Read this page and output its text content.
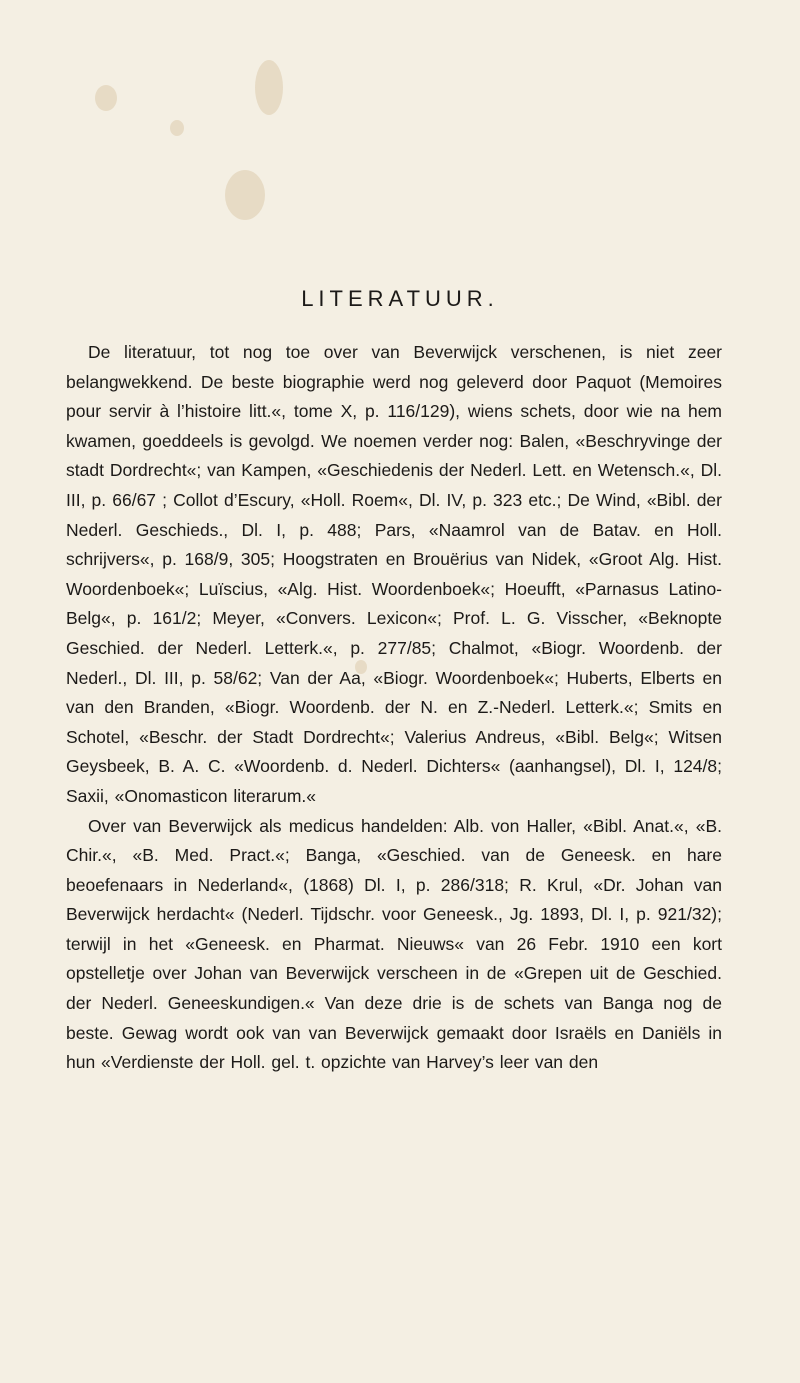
LITERATUUR.

De literatuur, tot nog toe over van Beverwijck verschenen, is niet zeer belangwekkend. De beste biographie werd nog geleverd door Paquot (Memoires pour servir à l’histoire litt.«, tome X, p. 116/129), wiens schets, door wie na hem kwamen, goeddeels is gevolgd. We noemen verder nog: Balen, «Beschryvinge der stadt Dordrecht«; van Kampen, «Geschiedenis der Nederl. Lett. en Wetensch.«, Dl. III, p. 66/67 ; Collot d’Escury, «Holl. Roem«, Dl. IV, p. 323 etc.; De Wind, «Bibl. der Nederl. Geschieds., Dl. I, p. 488; Pars, «Naamrol van de Batav. en Holl. schrijvers«, p. 168/9, 305; Hoogstraten en Brouërius van Nidek, «Groot Alg. Hist. Woordenboek«; Luïscius, «Alg. Hist. Woordenboek«; Hoeufft, «Parnasus Latino-Belg«, p. 161/2; Meyer, «Convers. Lexicon«; Prof. L. G. Visscher, «Beknopte Geschied. der Nederl. Letterk.«, p. 277/85; Chalmot, «Biogr. Woordenb. der Nederl., Dl. III, p. 58/62; Van der Aa, «Biogr. Woordenboek«; Huberts, Elberts en van den Branden, «Biogr. Woordenb. der N. en Z.-Nederl. Letterk.«; Smits en Schotel, «Beschr. der Stadt Dordrecht«; Valerius Andreus, «Bibl. Belg«; Witsen Geysbeek, B. A. C. «Woordenb. d. Nederl. Dichters« (aanhangsel), Dl. I, 124/8; Saxii, «Onomasticon literarum.«

Over van Beverwijck als medicus handelden: Alb. von Haller, «Bibl. Anat.«, «B. Chir.«, «B. Med. Pract.«; Banga, «Geschied. van de Geneesk. en hare beoefenaars in Nederland«, (1868) Dl. I, p. 286/318; R. Krul, «Dr. Johan van Beverwijck herdacht« (Nederl. Tijdschr. voor Geneesk., Jg. 1893, Dl. I, p. 921/32); terwijl in het «Geneesk. en Pharmat. Nieuws« van 26 Febr. 1910 een kort opstelletje over Johan van Beverwijck verscheen in de «Grepen uit de Geschied. der Nederl. Geneeskundigen.« Van deze drie is de schets van Banga nog de beste. Gewag wordt ook van van Beverwijck gemaakt door Israëls en Daniëls in hun «Verdienste der Holl. gel. t. opzichte van Harvey’s leer van den
